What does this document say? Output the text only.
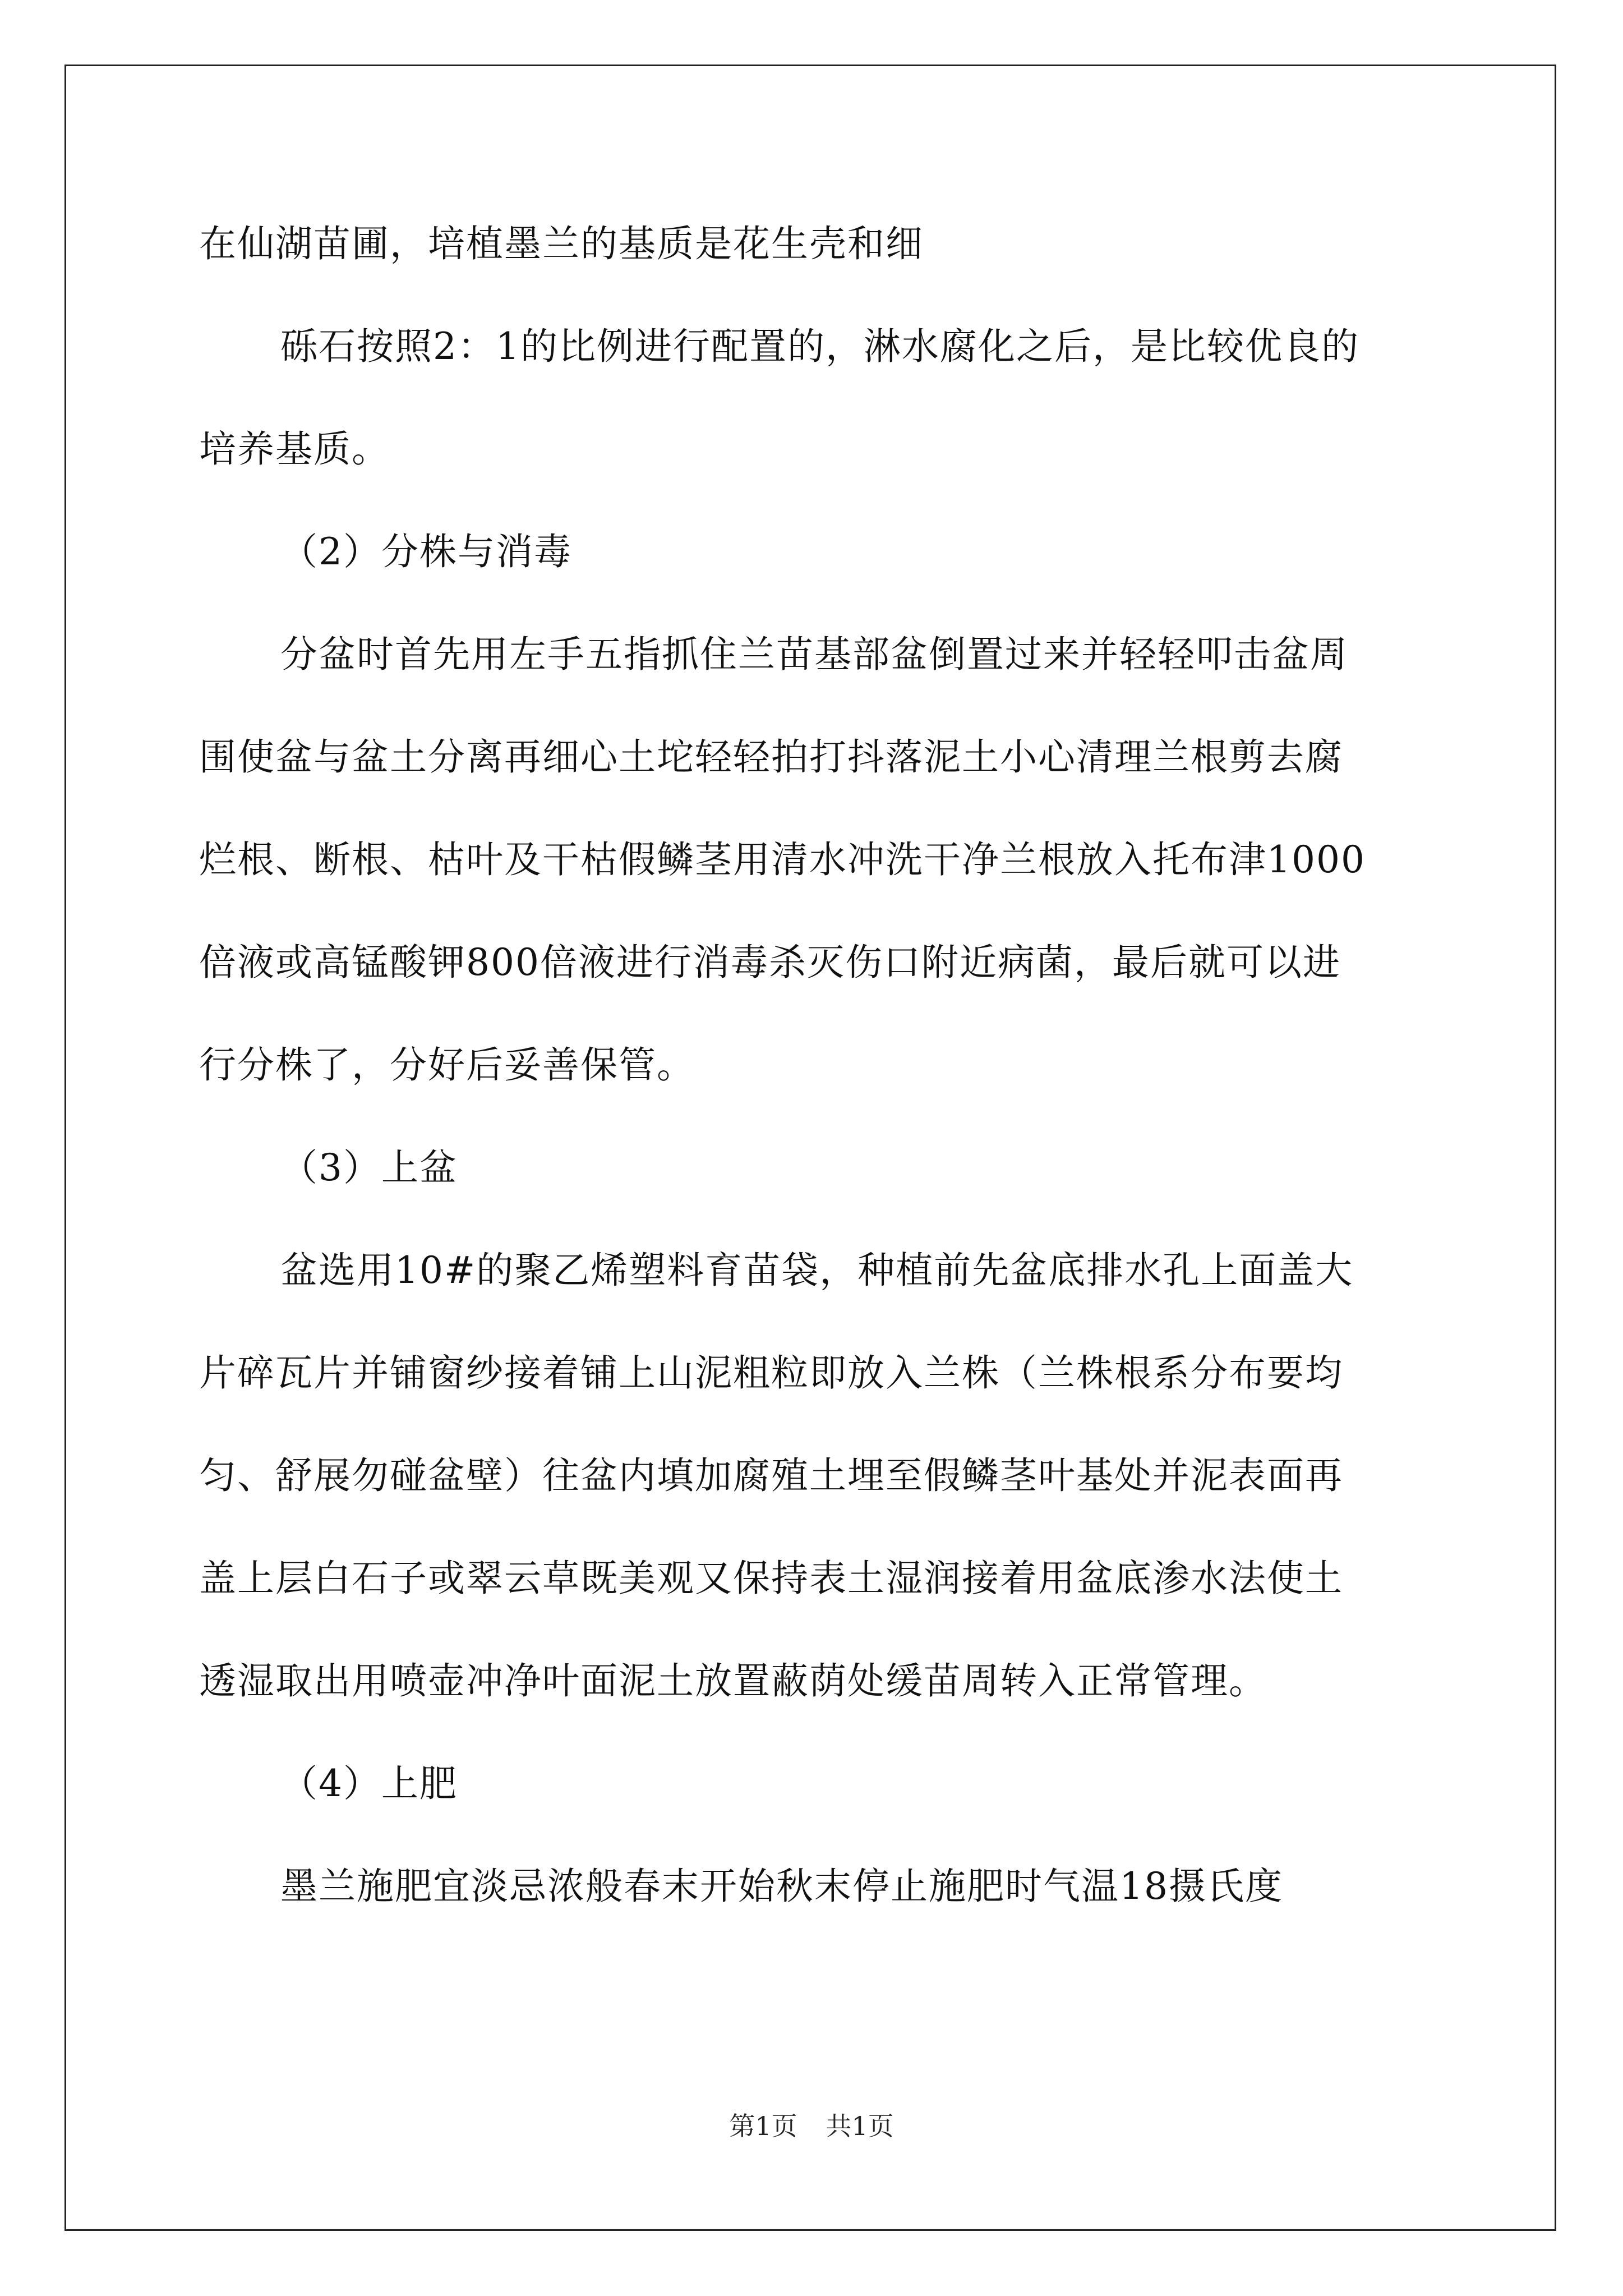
在仙湖苗圃，培植墨兰的基质是花生壳和细
砾石按照2：1的比例进行配置的，淋水腐化之后，是比较优良的
培养基质。
（2）分株与消毒
分盆时首先用左手五指抓住兰苗基部盆倒置过来并轻轻叩击盆周
围使盆与盆土分离再细心土坨轻轻拍打抖落泥土小心清理兰根剪去腐
烂根、断根、枯叶及干枯假鳞茎用清水冲洗干净兰根放入托布津1000
倍液或高锰酸钾800倍液进行消毒杀灭伤口附近病菌，最后就可以进
行分株了，分好后妥善保管。
（3）上盆
盆选用10#的聚乙烯塑料育苗袋，种植前先盆底排水孔上面盖大
片碎瓦片并铺窗纱接着铺上山泥粗粒即放入兰株（兰株根系分布要均
匀、舒展勿碰盆壁）往盆内填加腐殖土埋至假鳞茎叶基处并泥表面再
盖上层白石子或翠云草既美观又保持表土湿润接着用盆底渗水法使土
透湿取出用喷壶冲净叶面泥土放置蔽荫处缓苗周转入正常管理。
（4）上肥
墨兰施肥宜淡忌浓般春末开始秋末停止施肥时气温18摄氏度
第1页 共1页
